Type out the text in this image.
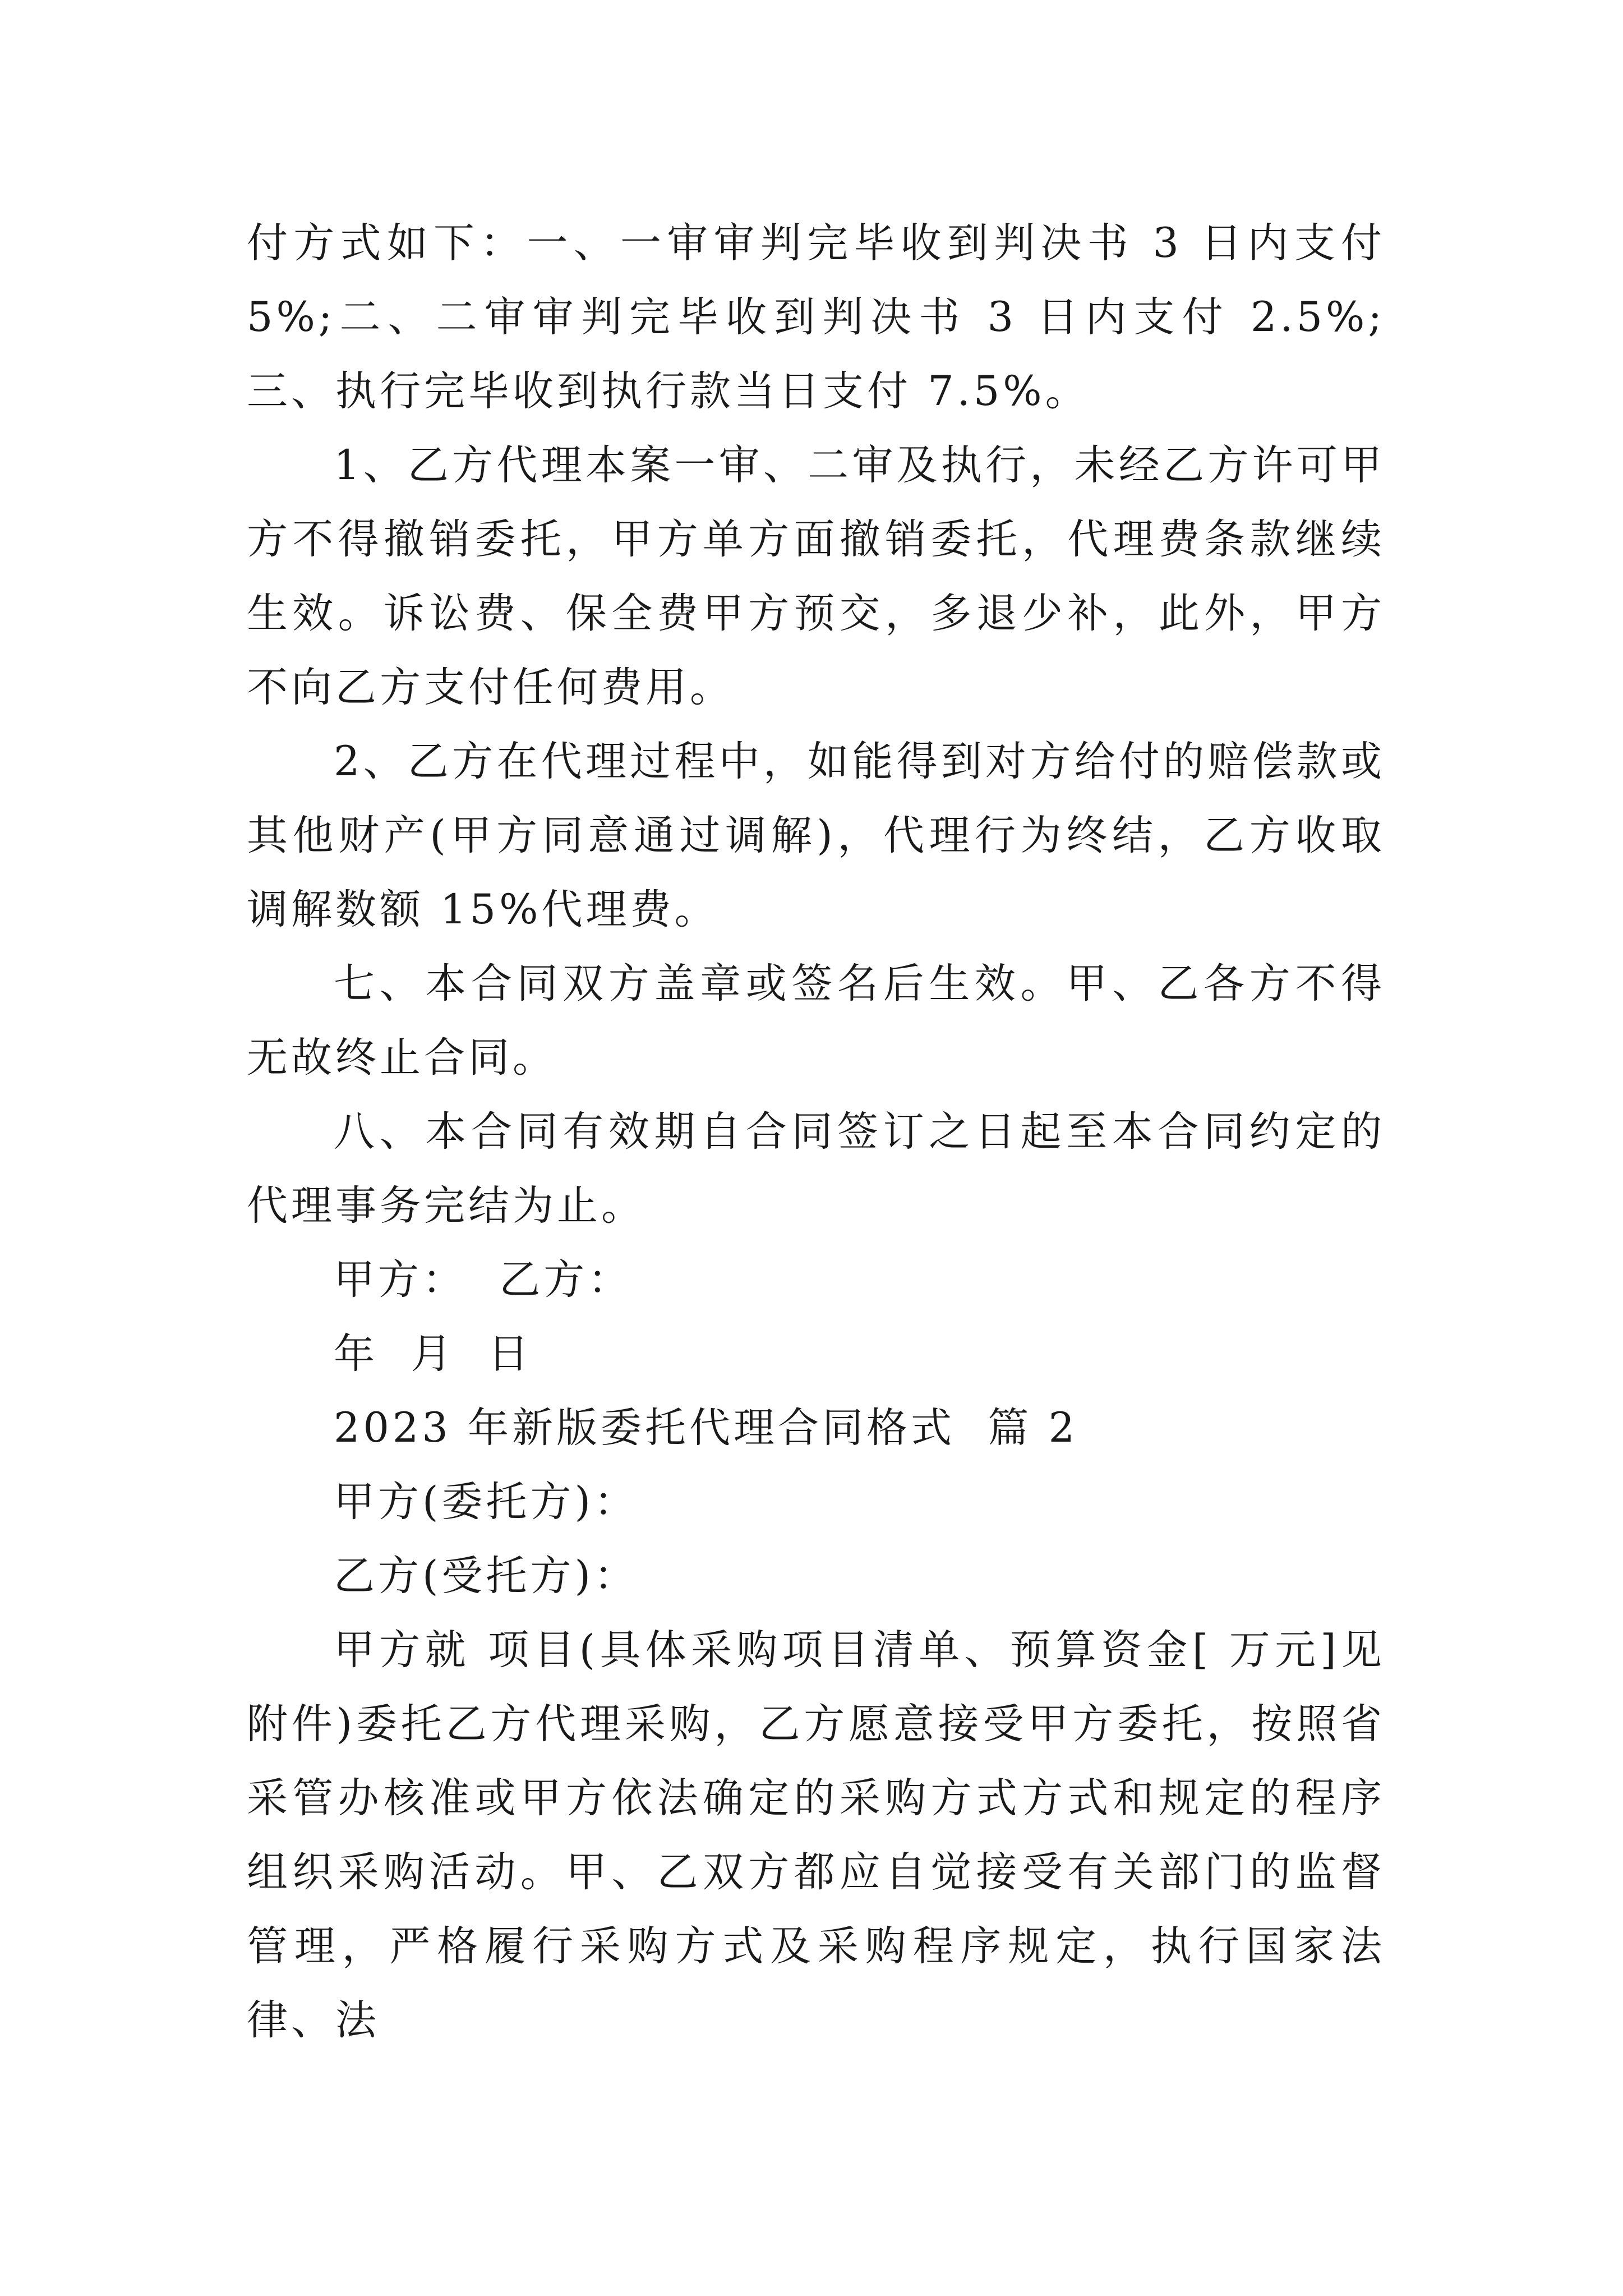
付方式如下：一、一审审判完毕收到判决书 3 日内支付 5%;二、二审审判完毕收到判决书 3 日内支付 2.5%;三、执行完毕收到执行款当日支付 7.5%。

1、乙方代理本案一审、二审及执行，未经乙方许可甲方不得撤销委托，甲方单方面撤销委托，代理费条款继续生效。诉讼费、保全费甲方预交，多退少补，此外，甲方不向乙方支付任何费用。

2、乙方在代理过程中，如能得到对方给付的赔偿款或其他财产(甲方同意通过调解)，代理行为终结，乙方收取调解数额 15%代理费。

七、本合同双方盖章或签名后生效。甲、乙各方不得无故终止合同。

八、本合同有效期自合同签订之日起至本合同约定的代理事务完结为止。

甲方：  乙方：

年  月  日

2023 年新版委托代理合同格式  篇 2

甲方(委托方)：

乙方(受托方)：

甲方就 项目(具体采购项目清单、预算资金[ 万元]见附件)委托乙方代理采购，乙方愿意接受甲方委托，按照省采管办核准或甲方依法确定的采购方式方式和规定的程序组织采购活动。甲、乙双方都应自觉接受有关部门的监督管理，严格履行采购方式及采购程序规定，执行国家法律、法
